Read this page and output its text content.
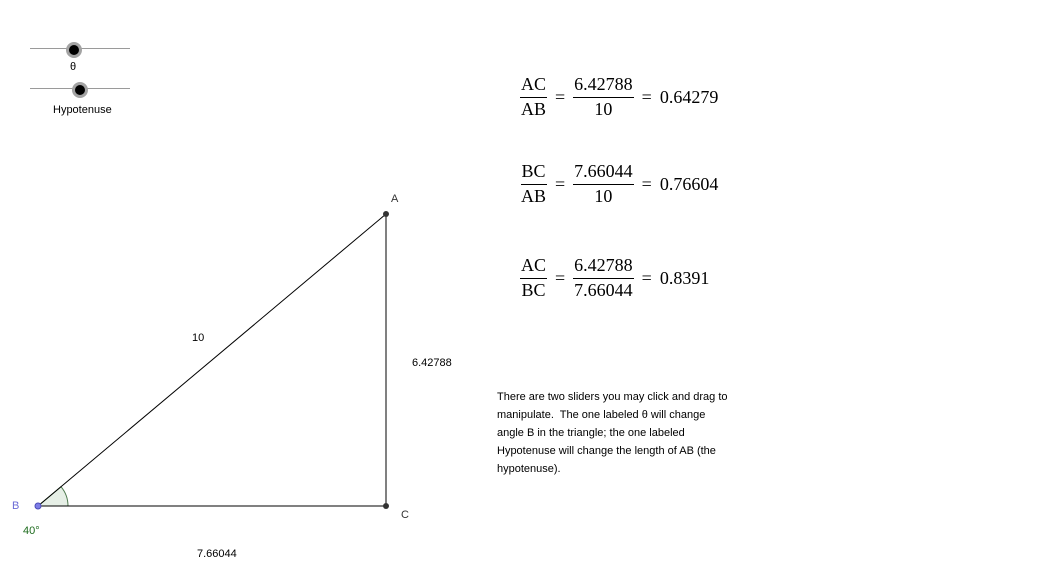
θ
Hypotenuse
A
B
C
40°
10
6.42788
7.66044
$\frac{AC}{AB} = \frac{6.42788}{10} = 0.64279$
$\frac{BC}{AB} = \frac{7.66044}{10} = 0.76604$
$\frac{AC}{BC} = \frac{6.42788}{7.66044} = 0.8391$
There are two sliders you may click and drag to
manipulate.  The one labeled θ will change
angle B in the triangle; the one labeled
Hypotenuse will change the length of AB (the
hypotenuse).
